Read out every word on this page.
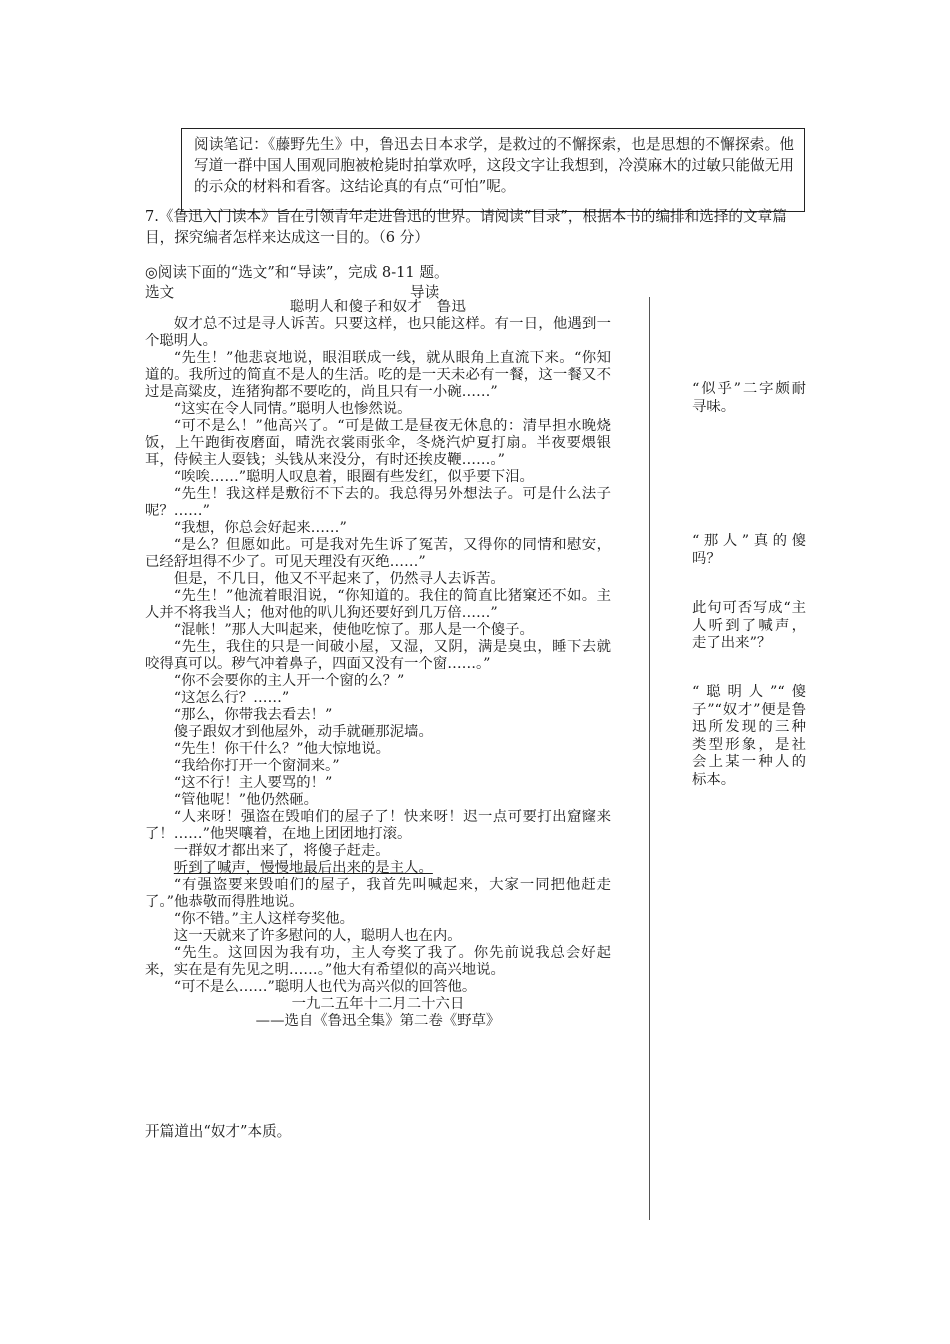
阅读笔记：《藤野先生》中，鲁迅去日本求学，是救过的不懈探索，也是思想的不懈探索。他写道一群中国人围观同胞被枪毙时拍掌欢呼，这段文字让我想到，冷漠麻木的过敏只能做无用的示众的材料和看客。这结论真的有点“可怕”呢。
7.《鲁迅入门读本》旨在引领青年走进鲁迅的世界。请阅读“目录”，根据本书的编排和选择的文章篇目，探究编者怎样来达成这一目的。（6 分）
◎阅读下面的“选文”和“导读”，完成 8-11 题。
选文	导读
聪明人和傻子和奴才　鲁迅

奴才总不过是寻人诉苦。只要这样，也只能这样。有一日，他遇到一个聪明人。

“先生！”他悲哀地说，眼泪联成一线，就从眼角上直流下来。“你知道的。我所过的简直不是人的生活。吃的是一天未必有一餐，这一餐又不过是高粱皮，连猪狗都不要吃的，尚且只有一小碗……”

“这实在令人同情。”聪明人也惨然说。

“可不是么！”他高兴了。“可是做工是昼夜无休息的：清早担水晚烧饭，上午跑街夜磨面，晴洗衣裳雨张伞，冬烧汽炉夏打扇。半夜要煨银耳，侍候主人耍钱；头钱从来没分，有时还挨皮鞭……。”

“唉唉……”聪明人叹息着，眼圈有些发红，似乎要下泪。

“先生！我这样是敷衍不下去的。我总得另外想法子。可是什么法子呢？……”

“我想，你总会好起来……”

“是么？但愿如此。可是我对先生诉了冤苦，又得你的同情和慰安，已经舒坦得不少了。可见天理没有灭绝……”

但是，不几日，他又不平起来了，仍然寻人去诉苦。

“先生！”他流着眼泪说，“你知道的。我住的简直比猪窠还不如。主人并不将我当人；他对他的叭儿狗还要好到几万倍……”

“混帐！”那人大叫起来，使他吃惊了。那人是一个傻子。

“先生，我住的只是一间破小屋，又湿，又阴，满是臭虫，睡下去就咬得真可以。秽气冲着鼻子，四面又没有一个窗……。”

“你不会要你的主人开一个窗的么？”

“这怎么行？……”

“那么，你带我去看去！”

傻子跟奴才到他屋外，动手就砸那泥墙。

“先生！你干什么？”他大惊地说。

“我给你打开一个窗洞来。”

“这不行！主人要骂的！”

“管他呢！”他仍然砸。

“人来呀！强盗在毁咱们的屋子了！快来呀！迟一点可要打出窟窿来了！……”他哭嚷着，在地上团团地打滚。

一群奴才都出来了，将傻子赶走。

听到了喊声，慢慢地最后出来的是主人。

“有强盗要来毁咱们的屋子，我首先叫喊起来，大家一同把他赶走了。”他恭敬而得胜地说。

“你不错。”主人这样夸奖他。

这一天就来了许多慰问的人，聪明人也在内。

“先生。这回因为我有功，主人夸奖了我了。你先前说我总会好起来，实在是有先见之明……。”他大有希望似的高兴地说。

“可不是么……”聪明人也代为高兴似的回答他。

一九二五年十二月二十六日
——选自《鲁迅全集》第二卷《野草》
“似乎”二字颇耐寻味。
“那人”真的傻吗？
此句可否写成“主人听到了喊声，走了出来”？
“聪明人”“傻子”“奴才”便是鲁迅所发现的三种类型形象，是社会上某一种人的标本。
开篇道出“奴才”本质。
